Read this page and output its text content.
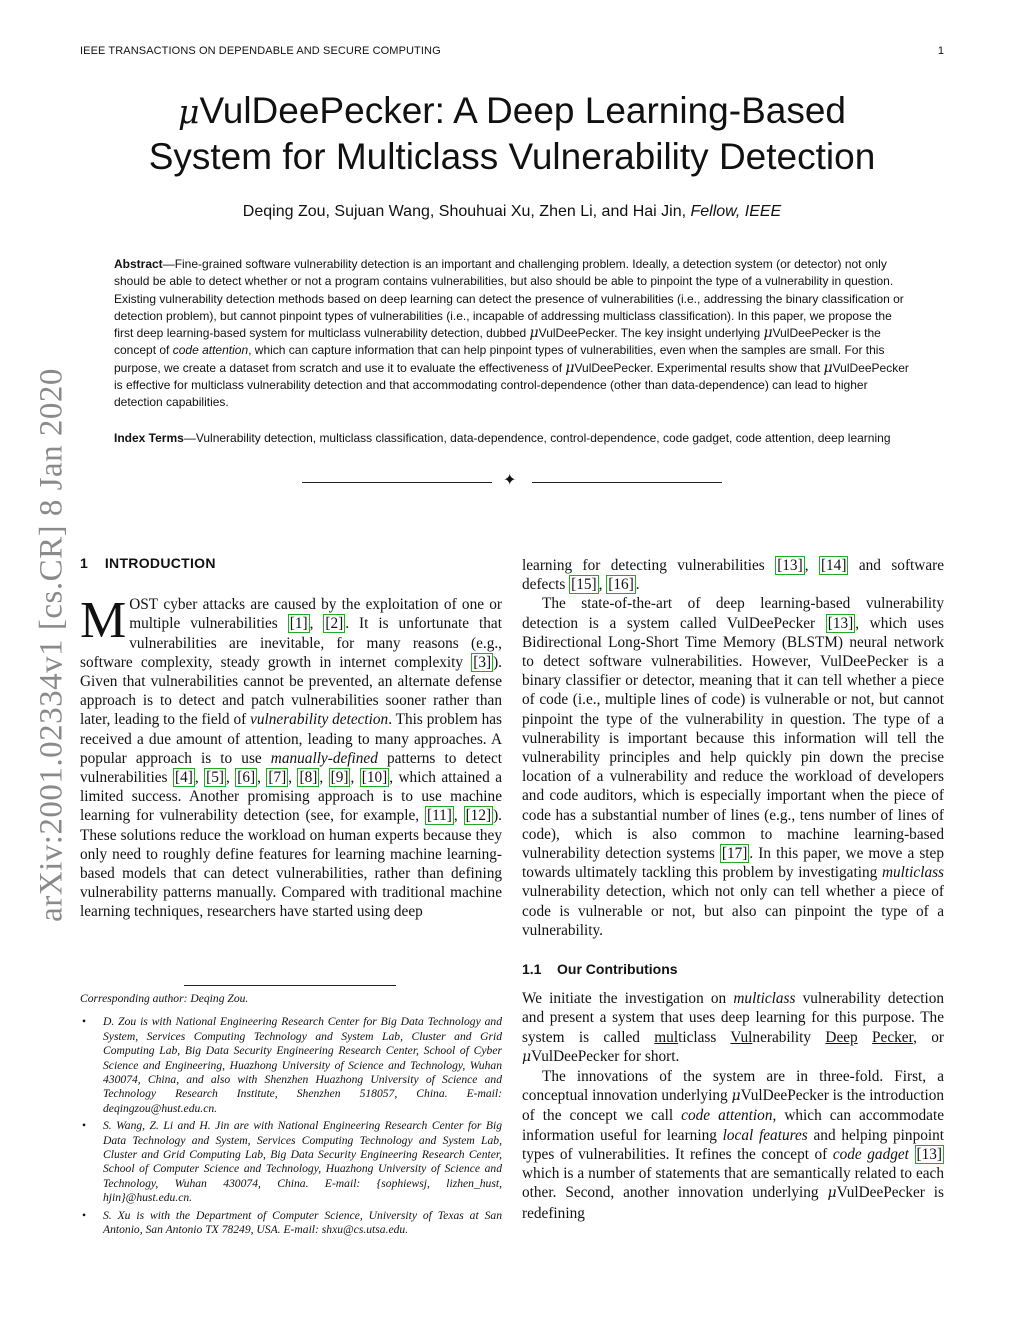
IEEE TRANSACTIONS ON DEPENDABLE AND SECURE COMPUTING	1
arXiv:2001.02334v1 [cs.CR] 8 Jan 2020
μVulDeePecker: A Deep Learning-Based
System for Multiclass Vulnerability Detection
Deqing Zou, Sujuan Wang, Shouhuai Xu, Zhen Li, and Hai Jin, Fellow, IEEE
Abstract—Fine-grained software vulnerability detection is an important and challenging problem. Ideally, a detection system (or detector) not only should be able to detect whether or not a program contains vulnerabilities, but also should be able to pinpoint the type of a vulnerability in question. Existing vulnerability detection methods based on deep learning can detect the presence of vulnerabilities (i.e., addressing the binary classification or detection problem), but cannot pinpoint types of vulnerabilities (i.e., incapable of addressing multiclass classification). In this paper, we propose the first deep learning-based system for multiclass vulnerability detection, dubbed μVulDeePecker. The key insight underlying μVulDeePecker is the concept of code attention, which can capture information that can help pinpoint types of vulnerabilities, even when the samples are small. For this purpose, we create a dataset from scratch and use it to evaluate the effectiveness of μVulDeePecker. Experimental results show that μVulDeePecker is effective for multiclass vulnerability detection and that accommodating control-dependence (other than data-dependence) can lead to higher detection capabilities.
Index Terms—Vulnerability detection, multiclass classification, data-dependence, control-dependence, code gadget, code attention, deep learning
✦
1 INTRODUCTION

MOST cyber attacks are caused by the exploitation of one or multiple vulnerabilities [1] , [2] . It is unfortunate that vulnerabilities are inevitable, for many reasons (e.g., software complexity, steady growth in internet complexity [3] ). Given that vulnerabilities cannot be prevented, an alternate defense approach is to detect and patch vulnerabilities sooner rather than later, leading to the field of vulnerability detection. This problem has received a due amount of attention, leading to many approaches. A popular approach is to use manually-defined patterns to detect vulnerabilities [4] , [5] , [6] , [7] , [8] , [9] , [10] , which attained a limited success. Another promising approach is to use machine learning for vulnerability detection (see, for example, [11] , [12] ). These solutions reduce the workload on human experts because they only need to roughly define features for learning machine learning-based models that can detect vulnerabilities, rather than defining vulnerability patterns manually. Compared with traditional machine learning techniques, researchers have started using deep

Corresponding author: Deqing Zou.
• D. Zou is with National Engineering Research Center for Big Data Technology and System, Services Computing Technology and System Lab, Cluster and Grid Computing Lab, Big Data Security Engineering Research Center, School of Cyber Science and Engineering, Huazhong University of Science and Technology, Wuhan 430074, China, and also with Shenzhen Huazhong University of Science and Technology Research Institute, Shenzhen 518057, China. E-mail: deqingzou@hust.edu.cn.
• S. Wang, Z. Li and H. Jin are with National Engineering Research Center for Big Data Technology and System, Services Computing Technology and System Lab, Cluster and Grid Computing Lab, Big Data Security Engineering Research Center, School of Computer Science and Technology, Huazhong University of Science and Technology, Wuhan 430074, China. E-mail: {sophiewsj, lizhen_hust, hjin}@hust.edu.cn.
• S. Xu is with the Department of Computer Science, University of Texas at San Antonio, San Antonio TX 78249, USA. E-mail: shxu@cs.utsa.edu.

learning for detecting vulnerabilities [13] , [14] and software defects [15] , [16] .

The state-of-the-art of deep learning-based vulnerability detection is a system called VulDeePecker [13] , which uses Bidirectional Long-Short Time Memory (BLSTM) neural network to detect software vulnerabilities. However, VulDeePecker is a binary classifier or detector, meaning that it can tell whether a piece of code (i.e., multiple lines of code) is vulnerable or not, but cannot pinpoint the type of the vulnerability in question. The type of a vulnerability is important because this information will tell the vulnerability principles and help quickly pin down the precise location of a vulnerability and reduce the workload of developers and code auditors, which is especially important when the piece of code has a substantial number of lines (e.g., tens number of lines of code), which is also common to machine learning-based vulnerability detection systems [17] . In this paper, we move a step towards ultimately tackling this problem by investigating multiclass vulnerability detection, which not only can tell whether a piece of code is vulnerable or not, but also can pinpoint the type of a vulnerability.

1.1 Our Contributions

We initiate the investigation on multiclass vulnerability detection and present a system that uses deep learning for this purpose. The system is called multiclass Vulnerability Deep Pecker, or μVulDeePecker for short.

The innovations of the system are in three-fold. First, a conceptual innovation underlying μVulDeePecker is the introduction of the concept we call code attention, which can accommodate information useful for learning local features and helping pinpoint types of vulnerabilities. It refines the concept of code gadget [13] which is a number of statements that are semantically related to each other. Second, another innovation underlying μVulDeePecker is redefining
